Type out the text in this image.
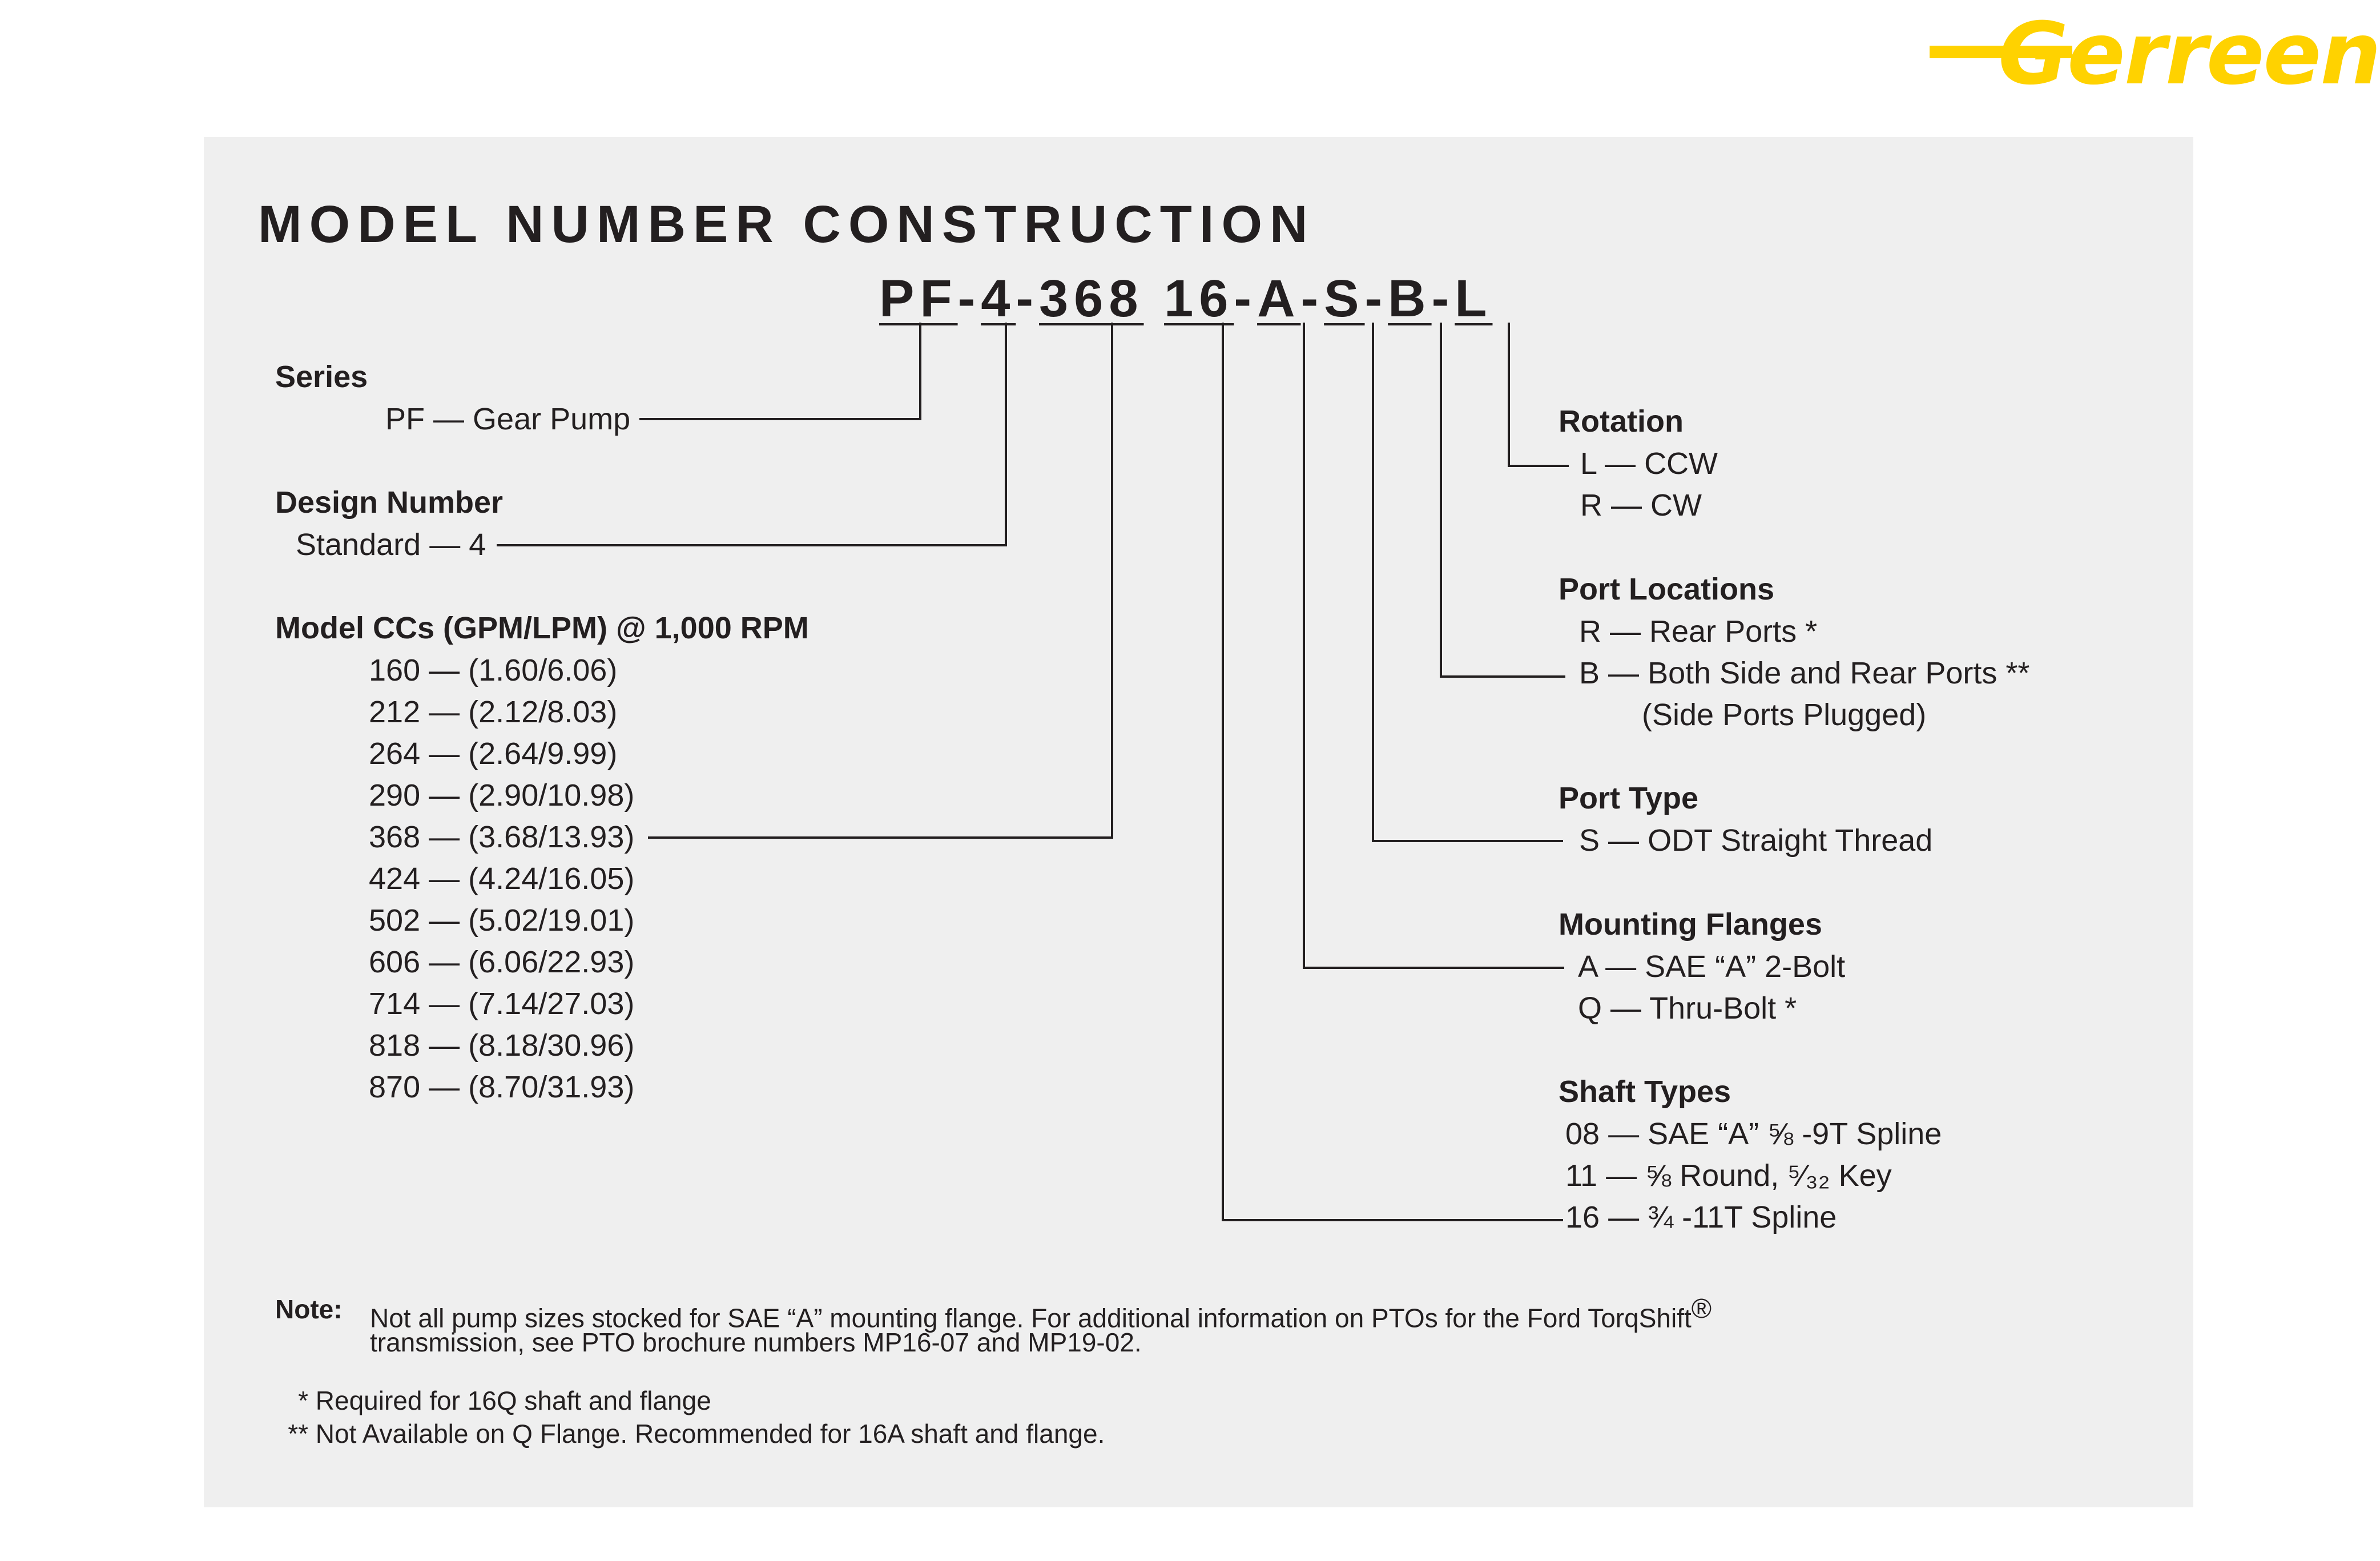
Gerreen
MODEL NUMBER CONSTRUCTION
PF-4-368 16-A-S-B-L
Series
PF — Gear Pump
Design Number
Standard — 4
Model CCs (GPM/LPM) @ 1,000 RPM
160 — (1.60/6.06)
212 — (2.12/8.03)
264 — (2.64/9.99)
290 — (2.90/10.98)
368 — (3.68/13.93)
424 — (4.24/16.05)
502 — (5.02/19.01)
606 — (6.06/22.93)
714 — (7.14/27.03)
818 — (8.18/30.96)
870 — (8.70/31.93)
Rotation
L — CCW
R — CW
Port Locations
R — Rear Ports *
B — Both Side and Rear Ports **
(Side Ports Plugged)
Port Type
S — ODT Straight Thread
Mounting Flanges
A — SAE “A” 2-Bolt
Q — Thru-Bolt *
Shaft Types
08 — SAE “A” ⅝ -9T Spline
11 — ⅝ Round, ⁵⁄₃₂ Key
16 — ¾ -11T Spline
Note: Not all pump sizes stocked for SAE “A” mounting flange. For additional information on PTOs for the Ford TorqShift®
transmission, see PTO brochure numbers MP16-07 and MP19-02.
* Required for 16Q shaft and flange
** Not Available on Q Flange. Recommended for 16A shaft and flange.
